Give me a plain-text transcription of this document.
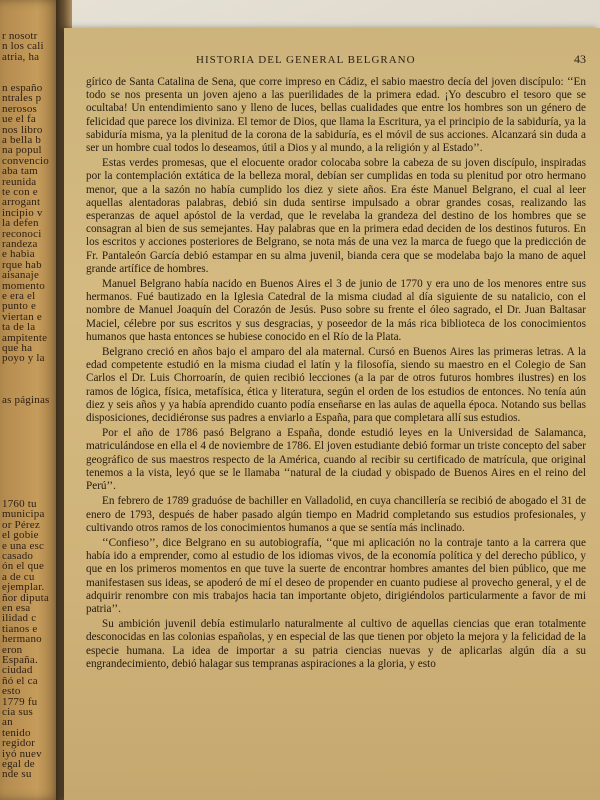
r nosotr
n los cali
atria, ha
n españo
ntrales p
nerosos
ue el fa
nos libro
a bella b
na popul
convencio
aba tam
reunida
te con e
arrogant
incipio v
la defen
reconoci
randeza
e habia
rque hab
aisanaje
momento
e era el
punto e
viertan e
ta de la
ampitente
que ha
poyo y la
as páginas
1760 tu
municipa
or Pérez
el gobie
e una esc
casado
ón el que
a de cu
ejemplar.
ñor diputa
en esa
ilidad c
tianos e
hermano
eron
España.
ciudad
ñó el ca
esto
1779 fu
cia sus
an
tenido
regidor
iyó nuev
egal de
nde su
HISTORIA DEL GENERAL BELGRANO	43

gírico de Santa Catalina de Sena, que corre impreso en Cádiz, el sabio maestro decía del joven discípulo: ‘‘En todo se nos presenta un joven ajeno a las puerilidades de la primera edad. ¡Yo descubro el tesoro que se ocultaba! Un entendimiento sano y lleno de luces, bellas cualidades que entre los hombres son un género de felicidad que parece los diviniza. El temor de Dios, que llama la Escritura, ya el principio de la sabiduría, ya la sabiduría misma, ya la plenitud de la corona de la sabiduría, es el móvil de sus acciones. Alcanzará sin duda a ser un hombre cual todos lo deseamos, útil a Dios y al mundo, a la religión y al Estado’’.

Estas verdes promesas, que el elocuente orador colocaba sobre la cabeza de su joven discípulo, inspiradas por la contemplación extática de la belleza moral, debían ser cumplidas en toda su plenitud por otro hermano menor, que a la sazón no había cumplido los diez y siete años. Era éste Manuel Belgrano, el cual al leer aquellas alentadoras palabras, debió sin duda sentirse impulsado a obrar grandes cosas, realizando las esperanzas de aquel apóstol de la verdad, que le revelaba la grandeza del destino de los hombres que se consagran al bien de sus semejantes. Hay palabras que en la primera edad deciden de los destinos futuros. En los escritos y acciones posteriores de Belgrano, se nota más de una vez la marca de fuego que la predicción de Fr. Pantaleón García debió estampar en su alma juvenil, bianda cera que se modelaba bajo la mano de aquel grande artífice de hombres.

Manuel Belgrano había nacido en Buenos Aires el 3 de junio de 1770 y era uno de los menores entre sus hermanos. Fué bautizado en la Iglesia Catedral de la misma ciudad al día siguiente de su natalicio, con el nombre de Manuel Joaquín del Corazón de Jesús. Puso sobre su frente el óleo sagrado, el Dr. Juan Baltasar Maciel, célebre por sus escritos y sus desgracias, y poseedor de la más rica biblioteca de los conocimientos humanos que hasta entonces se hubiese conocido en el Río de la Plata.

Belgrano creció en años bajo el amparo del ala maternal. Cursó en Buenos Aires las primeras letras. A la edad competente estudió en la misma ciudad el latín y la filosofía, siendo su maestro en el Colegio de San Carlos el Dr. Luis Chorroarín, de quien recibió lecciones (a la par de otros futuros hombres ilustres) en los ramos de lógica, física, metafísica, ética y literatura, según el orden de los estudios de entonces. No tenía aún diez y seis años y ya había aprendido cuanto podía enseñarse en las aulas de aquella época. Notando sus bellas disposiciones, decidiéronse sus padres a enviarlo a España, para que completara allí sus estudios.

Por el año de 1786 pasó Belgrano a España, donde estudió leyes en la Universidad de Salamanca, matriculándose en ella el 4 de noviembre de 1786. El joven estudiante debió formar un triste concepto del saber geográfico de sus maestros respecto de la América, cuando al recibir su certificado de matrícula, que original tenemos a la vista, leyó que se le llamaba ‘‘natural de la ciudad y obispado de Buenos Aires en el reino del Perú’’.

En febrero de 1789 graduóse de bachiller en Valladolid, en cuya chancillería se recibió de abogado el 31 de enero de 1793, después de haber pasado algún tiempo en Madrid completando sus estudios profesionales, y cultivando otros ramos de los conocimientos humanos a que se sentía más inclinado.

‘‘Confieso’’, dice Belgrano en su autobiografía, ‘‘que mi aplicación no la contraje tanto a la carrera que había ido a emprender, como al estudio de los idiomas vivos, de la economía política y del derecho público, y que en los primeros momentos en que tuve la suerte de encontrar hombres amantes del bien público, que me manifestasen sus ideas, se apoderó de mí el deseo de propender en cuanto pudiese al provecho general, y el de adquirir renombre con mis trabajos hacia tan importante objeto, dirigiéndolos particularmente a favor de mi patria’’.

Su ambición juvenil debía estimularlo naturalmente al cultivo de aquellas ciencias que eran totalmente desconocidas en las colonias españolas, y en especial de las que tienen por objeto la mejora y la felicidad de la especie humana. La idea de importar a su patria ciencias nuevas y de aplicarlas algún día a su engrandecimiento, debió halagar sus tempranas aspiraciones a la gloria, y esto
